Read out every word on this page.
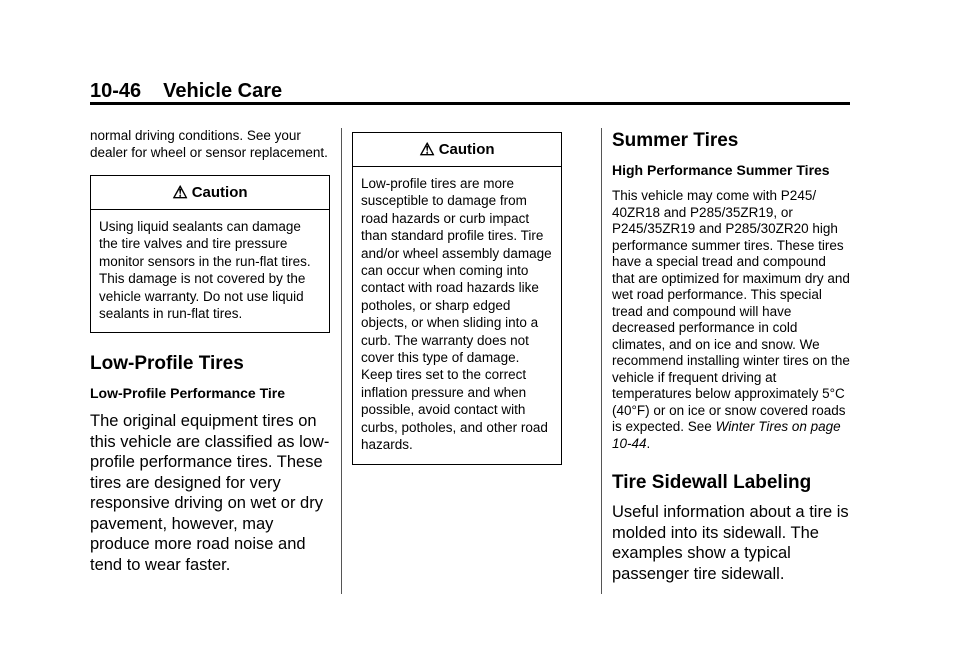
10-46 Vehicle Care

normal driving conditions. See your dealer for wheel or sensor replacement.

⚠ Caution
Using liquid sealants can damage the tire valves and tire pressure monitor sensors in the run-flat tires. This damage is not covered by the vehicle warranty. Do not use liquid sealants in run-flat tires.

Low-Profile Tires

Low-Profile Performance Tire

The original equipment tires on this vehicle are classified as low-profile performance tires. These tires are designed for very responsive driving on wet or dry pavement, however, may produce more road noise and tend to wear faster.

⚠ Caution
Low-profile tires are more susceptible to damage from road hazards or curb impact than standard profile tires. Tire and/or wheel assembly damage can occur when coming into contact with road hazards like potholes, or sharp edged objects, or when sliding into a curb. The warranty does not cover this type of damage. Keep tires set to the correct inflation pressure and when possible, avoid contact with curbs, potholes, and other road hazards.

Summer Tires

High Performance Summer Tires

This vehicle may come with P245/ 40ZR18 and P285/35ZR19, or P245/35ZR19 and P285/30ZR20 high performance summer tires. These tires have a special tread and compound that are optimized for maximum dry and wet road performance. This special tread and compound will have decreased performance in cold climates, and on ice and snow. We recommend installing winter tires on the vehicle if frequent driving at temperatures below approximately 5°C (40°F) or on ice or snow covered roads is expected. See Winter Tires on page 10-44.

Tire Sidewall Labeling

Useful information about a tire is molded into its sidewall. The examples show a typical passenger tire sidewall.
